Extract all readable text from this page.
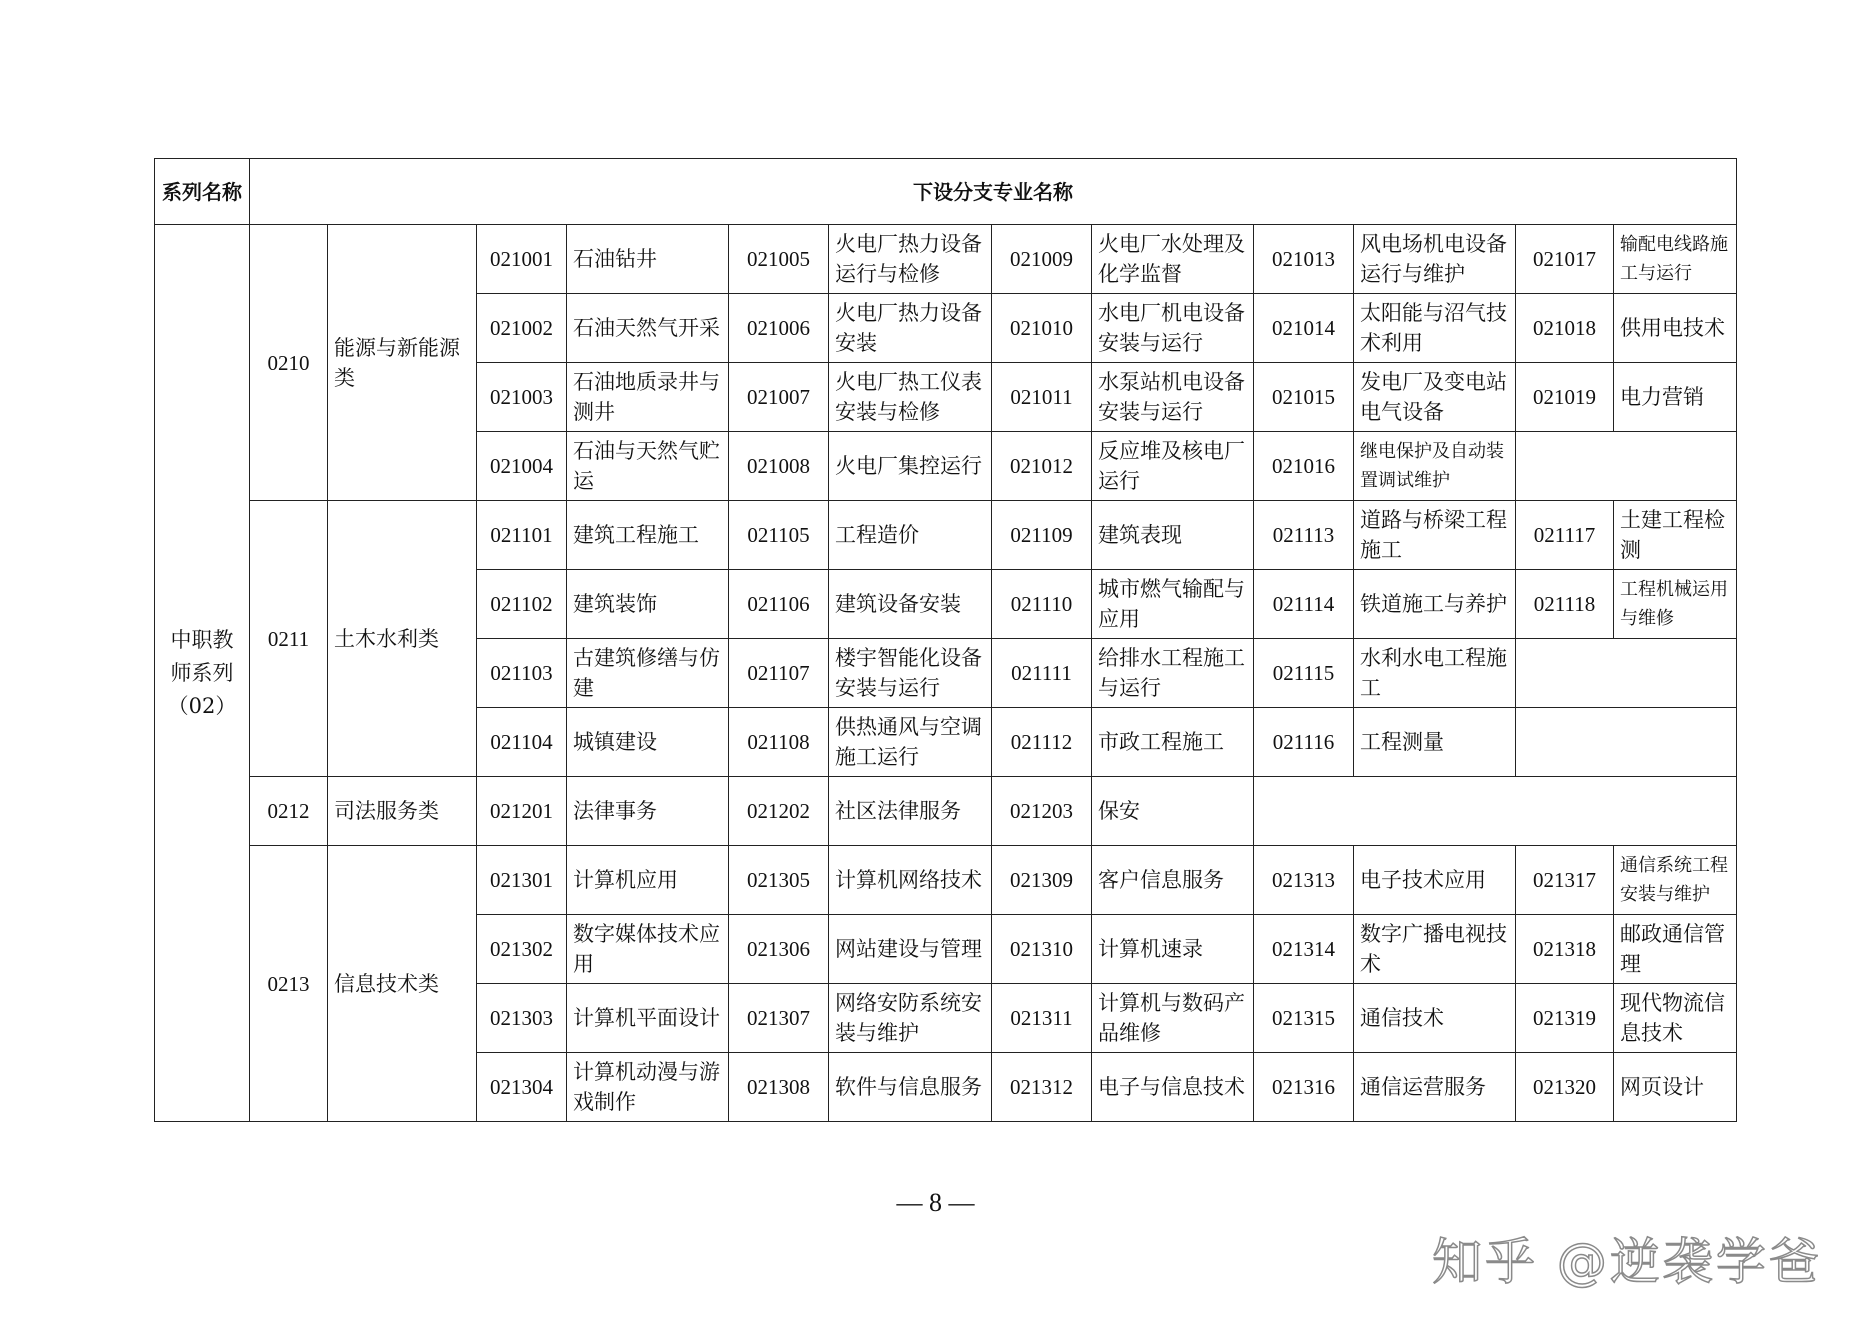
系列名称	下设分支专业名称											
中职教师系列（02）	0210	能源与新能源类	021001	石油钻井	021005	火电厂热力设备运行与检修	021009	火电厂水处理及化学监督	021013	风电场机电设备运行与维护	021017	输配电线路施工与运行
			021002	石油天然气开采	021006	火电厂热力设备安装	021010	水电厂机电设备安装与运行	021014	太阳能与沼气技术利用	021018	供用电技术
			021003	石油地质录井与测井	021007	火电厂热工仪表安装与检修	021011	水泵站机电设备安装与运行	021015	发电厂及变电站电气设备	021019	电力营销
			021004	石油与天然气贮运	021008	火电厂集控运行	021012	反应堆及核电厂运行	021016	继电保护及自动装置调试维护		
	0211	土木水利类	021101	建筑工程施工	021105	工程造价	021109	建筑表现	021113	道路与桥梁工程施工	021117	土建工程检测
			021102	建筑装饰	021106	建筑设备安装	021110	城市燃气输配与应用	021114	铁道施工与养护	021118	工程机械运用与维修
			021103	古建筑修缮与仿建	021107	楼宇智能化设备安装与运行	021111	给排水工程施工与运行	021115	水利水电工程施工		
			021104	城镇建设	021108	供热通风与空调施工运行	021112	市政工程施工	021116	工程测量		
	0212	司法服务类	021201	法律事务	021202	社区法律服务	021203	保安				
	0213	信息技术类	021301	计算机应用	021305	计算机网络技术	021309	客户信息服务	021313	电子技术应用	021317	通信系统工程安装与维护
			021302	数字媒体技术应用	021306	网站建设与管理	021310	计算机速录	021314	数字广播电视技术	021318	邮政通信管理
			021303	计算机平面设计	021307	网络安防系统安装与维护	021311	计算机与数码产品维修	021315	通信技术	021319	现代物流信息技术
			021304	计算机动漫与游戏制作	021308	软件与信息服务	021312	电子与信息技术	021316	通信运营服务	021320	网页设计
— 8 —
知乎 @逆袭学爸
